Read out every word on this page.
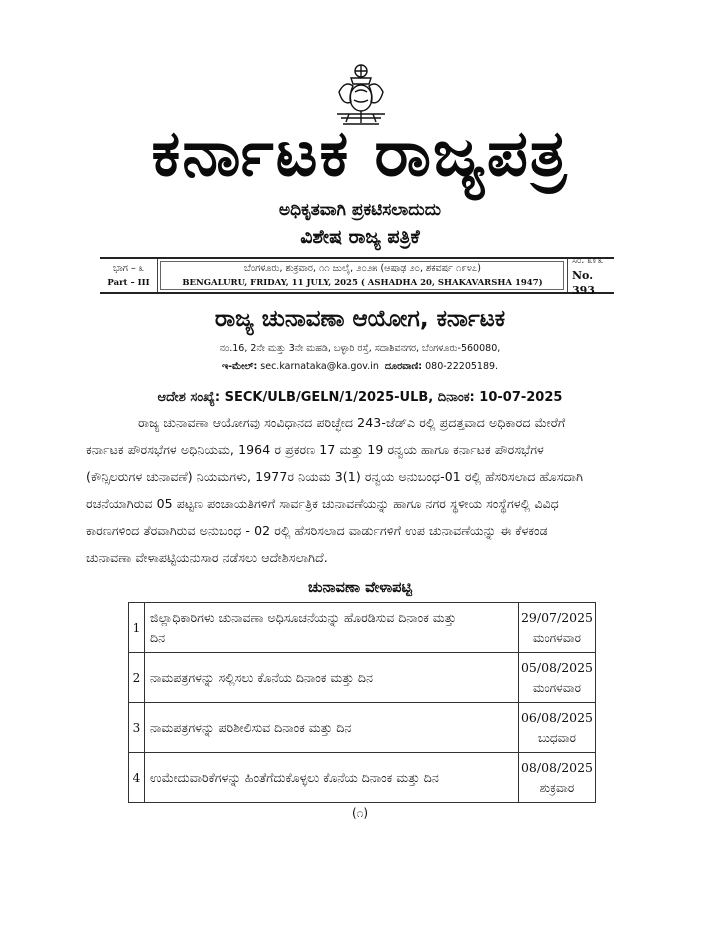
ಕರ್ನಾಟಕ ರಾಜ್ಯಪತ್ರ
ಅಧಿಕೃತವಾಗಿ ಪ್ರಕಟಿಸಲಾದುದು
ವಿಶೇಷ ರಾಜ್ಯ ಪತ್ರಿಕೆ
ಭಾಗ – ೩
Part – III
ಬೆಂಗಳೂರು, ಶುಕ್ರವಾರ, ೧೧ ಜುಲೈ, ೨೦೨೫ (ಆಷಾಢ ೨೦, ಶಕವರ್ಷ ೧೯೪೭)
BENGALURU, FRIDAY, 11 JULY, 2025 ( ASHADHA 20, SHAKAVARSHA 1947)
ಸಂ. ೩೯೩
No. 393
ರಾಜ್ಯ ಚುನಾವಣಾ ಆಯೋಗ, ಕರ್ನಾಟಕ
ನಂ.16, 2ನೇ ಮತ್ತು 3ನೇ ಮಹಡಿ, ಬಳ್ಳಾರಿ ರಸ್ತೆ, ಸದಾಶಿವನಗರ, ಬೆಂಗಳೂರು-560080,
ಇ-ಮೇಲ್: sec.karnataka@ka.gov.in ದೂರವಾಣಿ: 080-22205189.
ಆದೇಶ ಸಂಖ್ಯೆ: SECK/ULB/GELN/1/2025-ULB, ದಿನಾಂಕ: 10-07-2025
ರಾಜ್ಯ ಚುನಾವಣಾ ಆಯೋಗವು ಸಂವಿಧಾನದ ಪರಿಚ್ಛೇದ 243-ಜೆಡ್ಎ ರಲ್ಲಿ ಪ್ರದತ್ತವಾದ ಅಧಿಕಾರದ ಮೇರೆಗೆ
ಕರ್ನಾಟಕ ಪೌರಸಭೆಗಳ ಅಧಿನಿಯಮ, 1964 ರ ಪ್ರಕರಣ 17 ಮತ್ತು 19 ರನ್ವಯ ಹಾಗೂ ಕರ್ನಾಟಕ ಪೌರಸಭೆಗಳ
(ಕೌನ್ಸಿಲರುಗಳ ಚುನಾವಣೆ) ನಿಯಮಗಳು, 1977ರ ನಿಯಮ 3(1) ರನ್ವಯ ಅನುಬಂಧ-01 ರಲ್ಲಿ ಹೆಸರಿಸಲಾದ ಹೊಸದಾಗಿ
ರಚನೆಯಾಗಿರುವ 05 ಪಟ್ಟಣ ಪಂಚಾಯತಿಗಳಿಗೆ ಸಾರ್ವತ್ರಿಕ ಚುನಾವಣೆಯನ್ನು ಹಾಗೂ ನಗರ ಸ್ಥಳೀಯ ಸಂಸ್ಥೆಗಳಲ್ಲಿ ವಿವಿಧ
ಕಾರಣಗಳಿಂದ ತೆರವಾಗಿರುವ ಅನುಬಂಧ - 02 ರಲ್ಲಿ ಹೆಸರಿಸಲಾದ ವಾರ್ಡುಗಳಿಗೆ ಉಪ ಚುನಾವಣೆಯನ್ನು ಈ ಕೆಳಕಂಡ
ಚುನಾವಣಾ ವೇಳಾಪಟ್ಟಿಯನುಸಾರ ನಡೆಸಲು ಆದೇಶಿಸಲಾಗಿದೆ.
ಚುನಾವಣಾ ವೇಳಾಪಟ್ಟಿ
1	ಜಿಲ್ಲಾಧಿಕಾರಿಗಳು ಚುನಾವಣಾ ಅಧಿಸೂಚನೆಯನ್ನು ಹೊರಡಿಸುವ ದಿನಾಂಕ ಮತ್ತು
ದಿನ	29/07/2025
ಮಂಗಳವಾರ

2	ನಾಮಪತ್ರಗಳನ್ನು ಸಲ್ಲಿಸಲು ಕೊನೆಯ ದಿನಾಂಕ ಮತ್ತು ದಿನ	05/08/2025
ಮಂಗಳವಾರ

3	ನಾಮಪತ್ರಗಳನ್ನು ಪರಿಶೀಲಿಸುವ ದಿನಾಂಕ ಮತ್ತು ದಿನ	06/08/2025
ಬುಧವಾರ

4	ಉಮೇದುವಾರಿಕೆಗಳನ್ನು ಹಿಂತೆಗೆದುಕೊಳ್ಳಲು ಕೊನೆಯ ದಿನಾಂಕ ಮತ್ತು ದಿನ	08/08/2025
ಶುಕ್ರವಾರ
(೧)
